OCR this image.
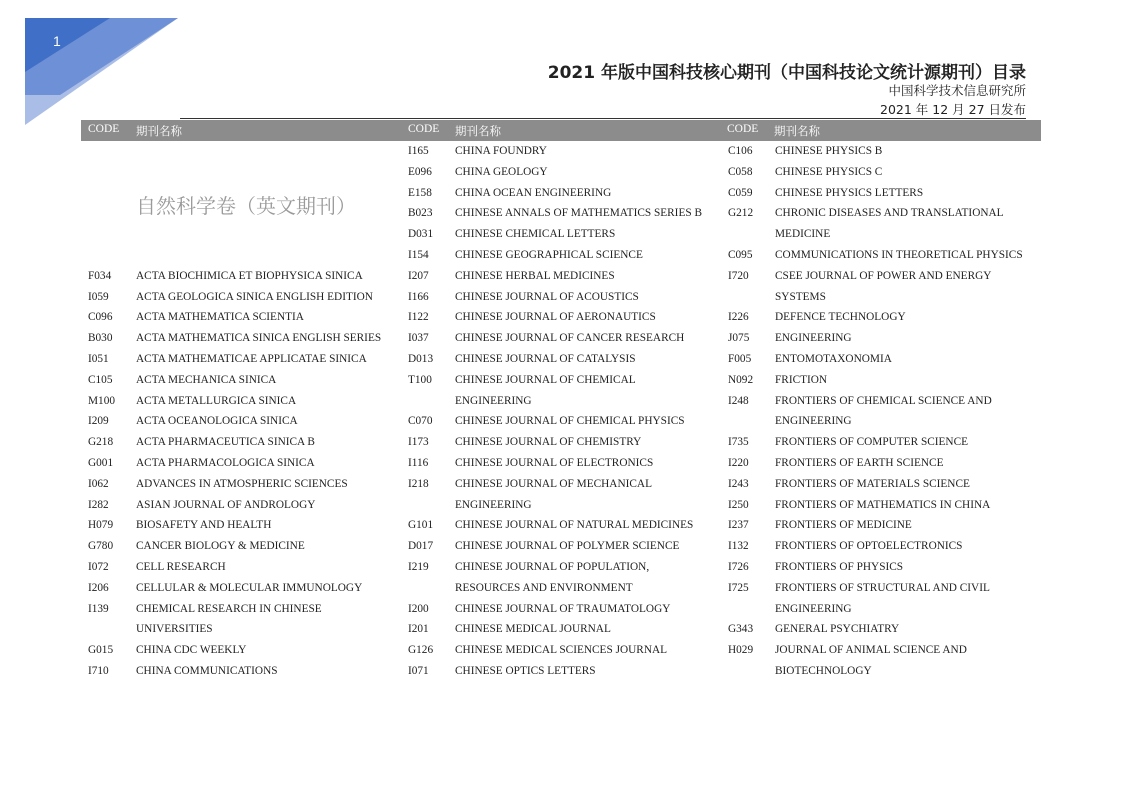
1
2021 年版中国科技核心期刊（中国科技论文统计源期刊）目录
中国科学技术信息研究所
2021 年 12 月 27 日发布
CODE 期刊名称	CODE 期刊名称	CODE 期刊名称
自然科学卷（英文期刊）
F034 ACTA BIOCHIMICA ET BIOPHYSICA SINICA
I059 ACTA GEOLOGICA SINICA ENGLISH EDITION
C096 ACTA MATHEMATICA SCIENTIA
B030 ACTA MATHEMATICA SINICA ENGLISH SERIES
I051 ACTA MATHEMATICAE APPLICATAE SINICA
C105 ACTA MECHANICA SINICA
M100 ACTA METALLURGICA SINICA
I209 ACTA OCEANOLOGICA SINICA
G218 ACTA PHARMACEUTICA SINICA B
G001 ACTA PHARMACOLOGICA SINICA
I062 ADVANCES IN ATMOSPHERIC SCIENCES
I282 ASIAN JOURNAL OF ANDROLOGY
H079 BIOSAFETY AND HEALTH
G780 CANCER BIOLOGY & MEDICINE
I072 CELL RESEARCH
I206 CELLULAR & MOLECULAR IMMUNOLOGY
I139 CHEMICAL RESEARCH IN CHINESE
UNIVERSITIES
G015 CHINA CDC WEEKLY
I710 CHINA COMMUNICATIONS
I165 CHINA FOUNDRY
E096 CHINA GEOLOGY
E158 CHINA OCEAN ENGINEERING
B023 CHINESE ANNALS OF MATHEMATICS SERIES B
D031 CHINESE CHEMICAL LETTERS
I154 CHINESE GEOGRAPHICAL SCIENCE
I207 CHINESE HERBAL MEDICINES
I166 CHINESE JOURNAL OF ACOUSTICS
I122 CHINESE JOURNAL OF AERONAUTICS
I037 CHINESE JOURNAL OF CANCER RESEARCH
D013 CHINESE JOURNAL OF CATALYSIS
T100 CHINESE JOURNAL OF CHEMICAL
ENGINEERING
C070 CHINESE JOURNAL OF CHEMICAL PHYSICS
I173 CHINESE JOURNAL OF CHEMISTRY
I116 CHINESE JOURNAL OF ELECTRONICS
I218 CHINESE JOURNAL OF MECHANICAL
ENGINEERING
G101 CHINESE JOURNAL OF NATURAL MEDICINES
D017 CHINESE JOURNAL OF POLYMER SCIENCE
I219 CHINESE JOURNAL OF POPULATION,
RESOURCES AND ENVIRONMENT
I200 CHINESE JOURNAL OF TRAUMATOLOGY
I201 CHINESE MEDICAL JOURNAL
G126 CHINESE MEDICAL SCIENCES JOURNAL
I071 CHINESE OPTICS LETTERS
C106 CHINESE PHYSICS B
C058 CHINESE PHYSICS C
C059 CHINESE PHYSICS LETTERS
G212 CHRONIC DISEASES AND TRANSLATIONAL
MEDICINE
C095 COMMUNICATIONS IN THEORETICAL PHYSICS
I720 CSEE JOURNAL OF POWER AND ENERGY
SYSTEMS
I226 DEFENCE TECHNOLOGY
J075 ENGINEERING
F005 ENTOMOTAXONOMIA
N092 FRICTION
I248 FRONTIERS OF CHEMICAL SCIENCE AND
ENGINEERING
I735 FRONTIERS OF COMPUTER SCIENCE
I220 FRONTIERS OF EARTH SCIENCE
I243 FRONTIERS OF MATERIALS SCIENCE
I250 FRONTIERS OF MATHEMATICS IN CHINA
I237 FRONTIERS OF MEDICINE
I132 FRONTIERS OF OPTOELECTRONICS
I726 FRONTIERS OF PHYSICS
I725 FRONTIERS OF STRUCTURAL AND CIVIL
ENGINEERING
G343 GENERAL PSYCHIATRY
H029 JOURNAL OF ANIMAL SCIENCE AND
BIOTECHNOLOGY
